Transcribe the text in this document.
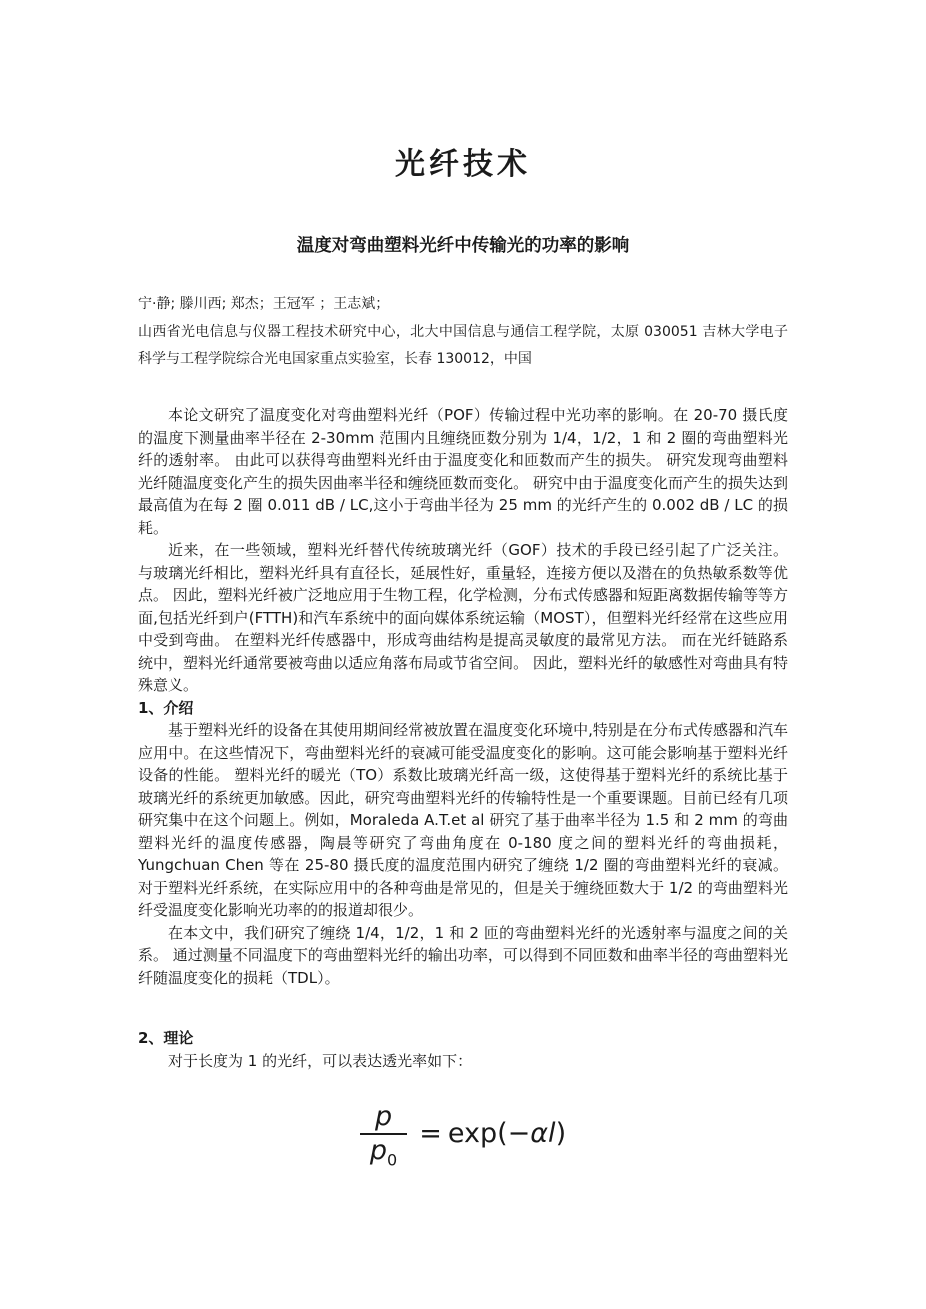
光纤技术
温度对弯曲塑料光纤中传输光的功率的影响
宁·静; 滕川西; 郑杰；王冠军 ；王志斌；
山西省光电信息与仪器工程技术研究中心，北大中国信息与通信工程学院，太原 030051 吉林大学电子科学与工程学院综合光电国家重点实验室，长春 130012，中国

本论文研究了温度变化对弯曲塑料光纤（POF）传输过程中光功率的影响。在 20-70 摄氏度的温度下测量曲率半径在 2-30mm 范围内且缠绕匝数分别为 1/4，1/2，1 和 2 圈的弯曲塑料光纤的透射率。 由此可以获得弯曲塑料光纤由于温度变化和匝数而产生的损失。 研究发现弯曲塑料光纤随温度变化产生的损失因曲率半径和缠绕匝数而变化。 研究中由于温度变化而产生的损失达到最高值为在每 2 圈 0.011 dB / LC,这小于弯曲半径为 25 mm 的光纤产生的 0.002 dB / LC 的损耗。

近来，在一些领域，塑料光纤替代传统玻璃光纤（GOF）技术的手段已经引起了广泛关注。 与玻璃光纤相比，塑料光纤具有直径长，延展性好，重量轻，连接方便以及潜在的负热敏系数等优点。 因此，塑料光纤被广泛地应用于生物工程，化学检测，分布式传感器和短距离数据传输等等方面,包括光纤到户(FTTH)和汽车系统中的面向媒体系统运输（MOST），但塑料光纤经常在这些应用中受到弯曲。 在塑料光纤传感器中，形成弯曲结构是提高灵敏度的最常见方法。 而在光纤链路系统中，塑料光纤通常要被弯曲以适应角落布局或节省空间。 因此，塑料光纤的敏感性对弯曲具有特殊意义。

1、介绍

基于塑料光纤的设备在其使用期间经常被放置在温度变化环境中,特别是在分布式传感器和汽车应用中。在这些情况下，弯曲塑料光纤的衰减可能受温度变化的影响。这可能会影响基于塑料光纤设备的性能。 塑料光纤的暖光（TO）系数比玻璃光纤高一级，这使得基于塑料光纤的系统比基于玻璃光纤的系统更加敏感。因此，研究弯曲塑料光纤的传输特性是一个重要课题。目前已经有几项研究集中在这个问题上。例如，Moraleda A.T.et al 研究了基于曲率半径为 1.5 和 2 mm 的弯曲塑料光纤的温度传感器，陶晨等研究了弯曲角度在 0-180 度之间的塑料光纤的弯曲损耗，Yungchuan Chen 等在 25-80 摄氏度的温度范围内研究了缠绕 1/2 圈的弯曲塑料光纤的衰减。对于塑料光纤系统，在实际应用中的各种弯曲是常见的，但是关于缠绕匝数大于 1/2 的弯曲塑料光纤受温度变化影响光功率的的报道却很少。

在本文中，我们研究了缠绕 1/4，1/2，1 和 2 匝的弯曲塑料光纤的光透射率与温度之间的关系。 通过测量不同温度下的弯曲塑料光纤的输出功率，可以得到不同匝数和曲率半径的弯曲塑料光纤随温度变化的损耗（TDL）。

2、理论

对于长度为 1 的光纤，可以表达透光率如下：

$\frac{p}{p_0} = \exp(-\alpha l)$
